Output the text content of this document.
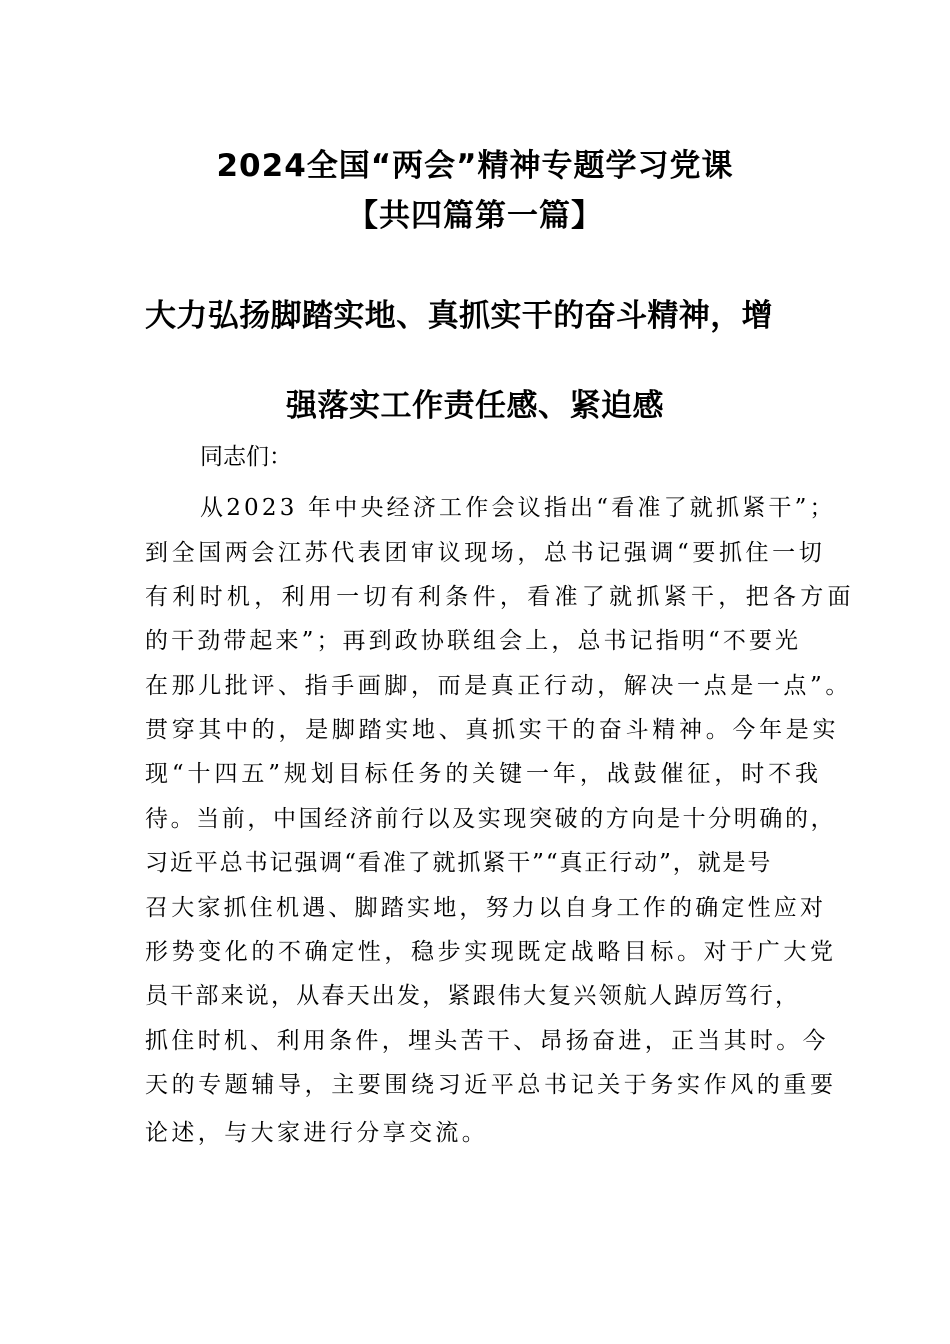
2024全国“两会”精神专题学习党课
【共四篇第一篇】
大力弘扬脚踏实地、真抓实干的奋斗精神，增
强落实工作责任感、紧迫感
同志们：
从2023 年中央经济工作会议指出“看准了就抓紧干”；
到全国两会江苏代表团审议现场，总书记强调“要抓住一切
有利时机，利用一切有利条件，看准了就抓紧干，把各方面
的干劲带起来”；再到政协联组会上，总书记指明“不要光
在那儿批评、指手画脚，而是真正行动，解决一点是一点”。
贯穿其中的，是脚踏实地、真抓实干的奋斗精神。今年是实
现“十四五”规划目标任务的关键一年，战鼓催征，时不我
待。当前，中国经济前行以及实现突破的方向是十分明确的，
习近平总书记强调“看准了就抓紧干”“真正行动”，就是号
召大家抓住机遇、脚踏实地，努力以自身工作的确定性应对
形势变化的不确定性，稳步实现既定战略目标。对于广大党
员干部来说，从春天出发，紧跟伟大复兴领航人踔厉笃行，
抓住时机、利用条件，埋头苦干、昂扬奋进，正当其时。今
天的专题辅导，主要围绕习近平总书记关于务实作风的重要
论述，与大家进行分享交流。
